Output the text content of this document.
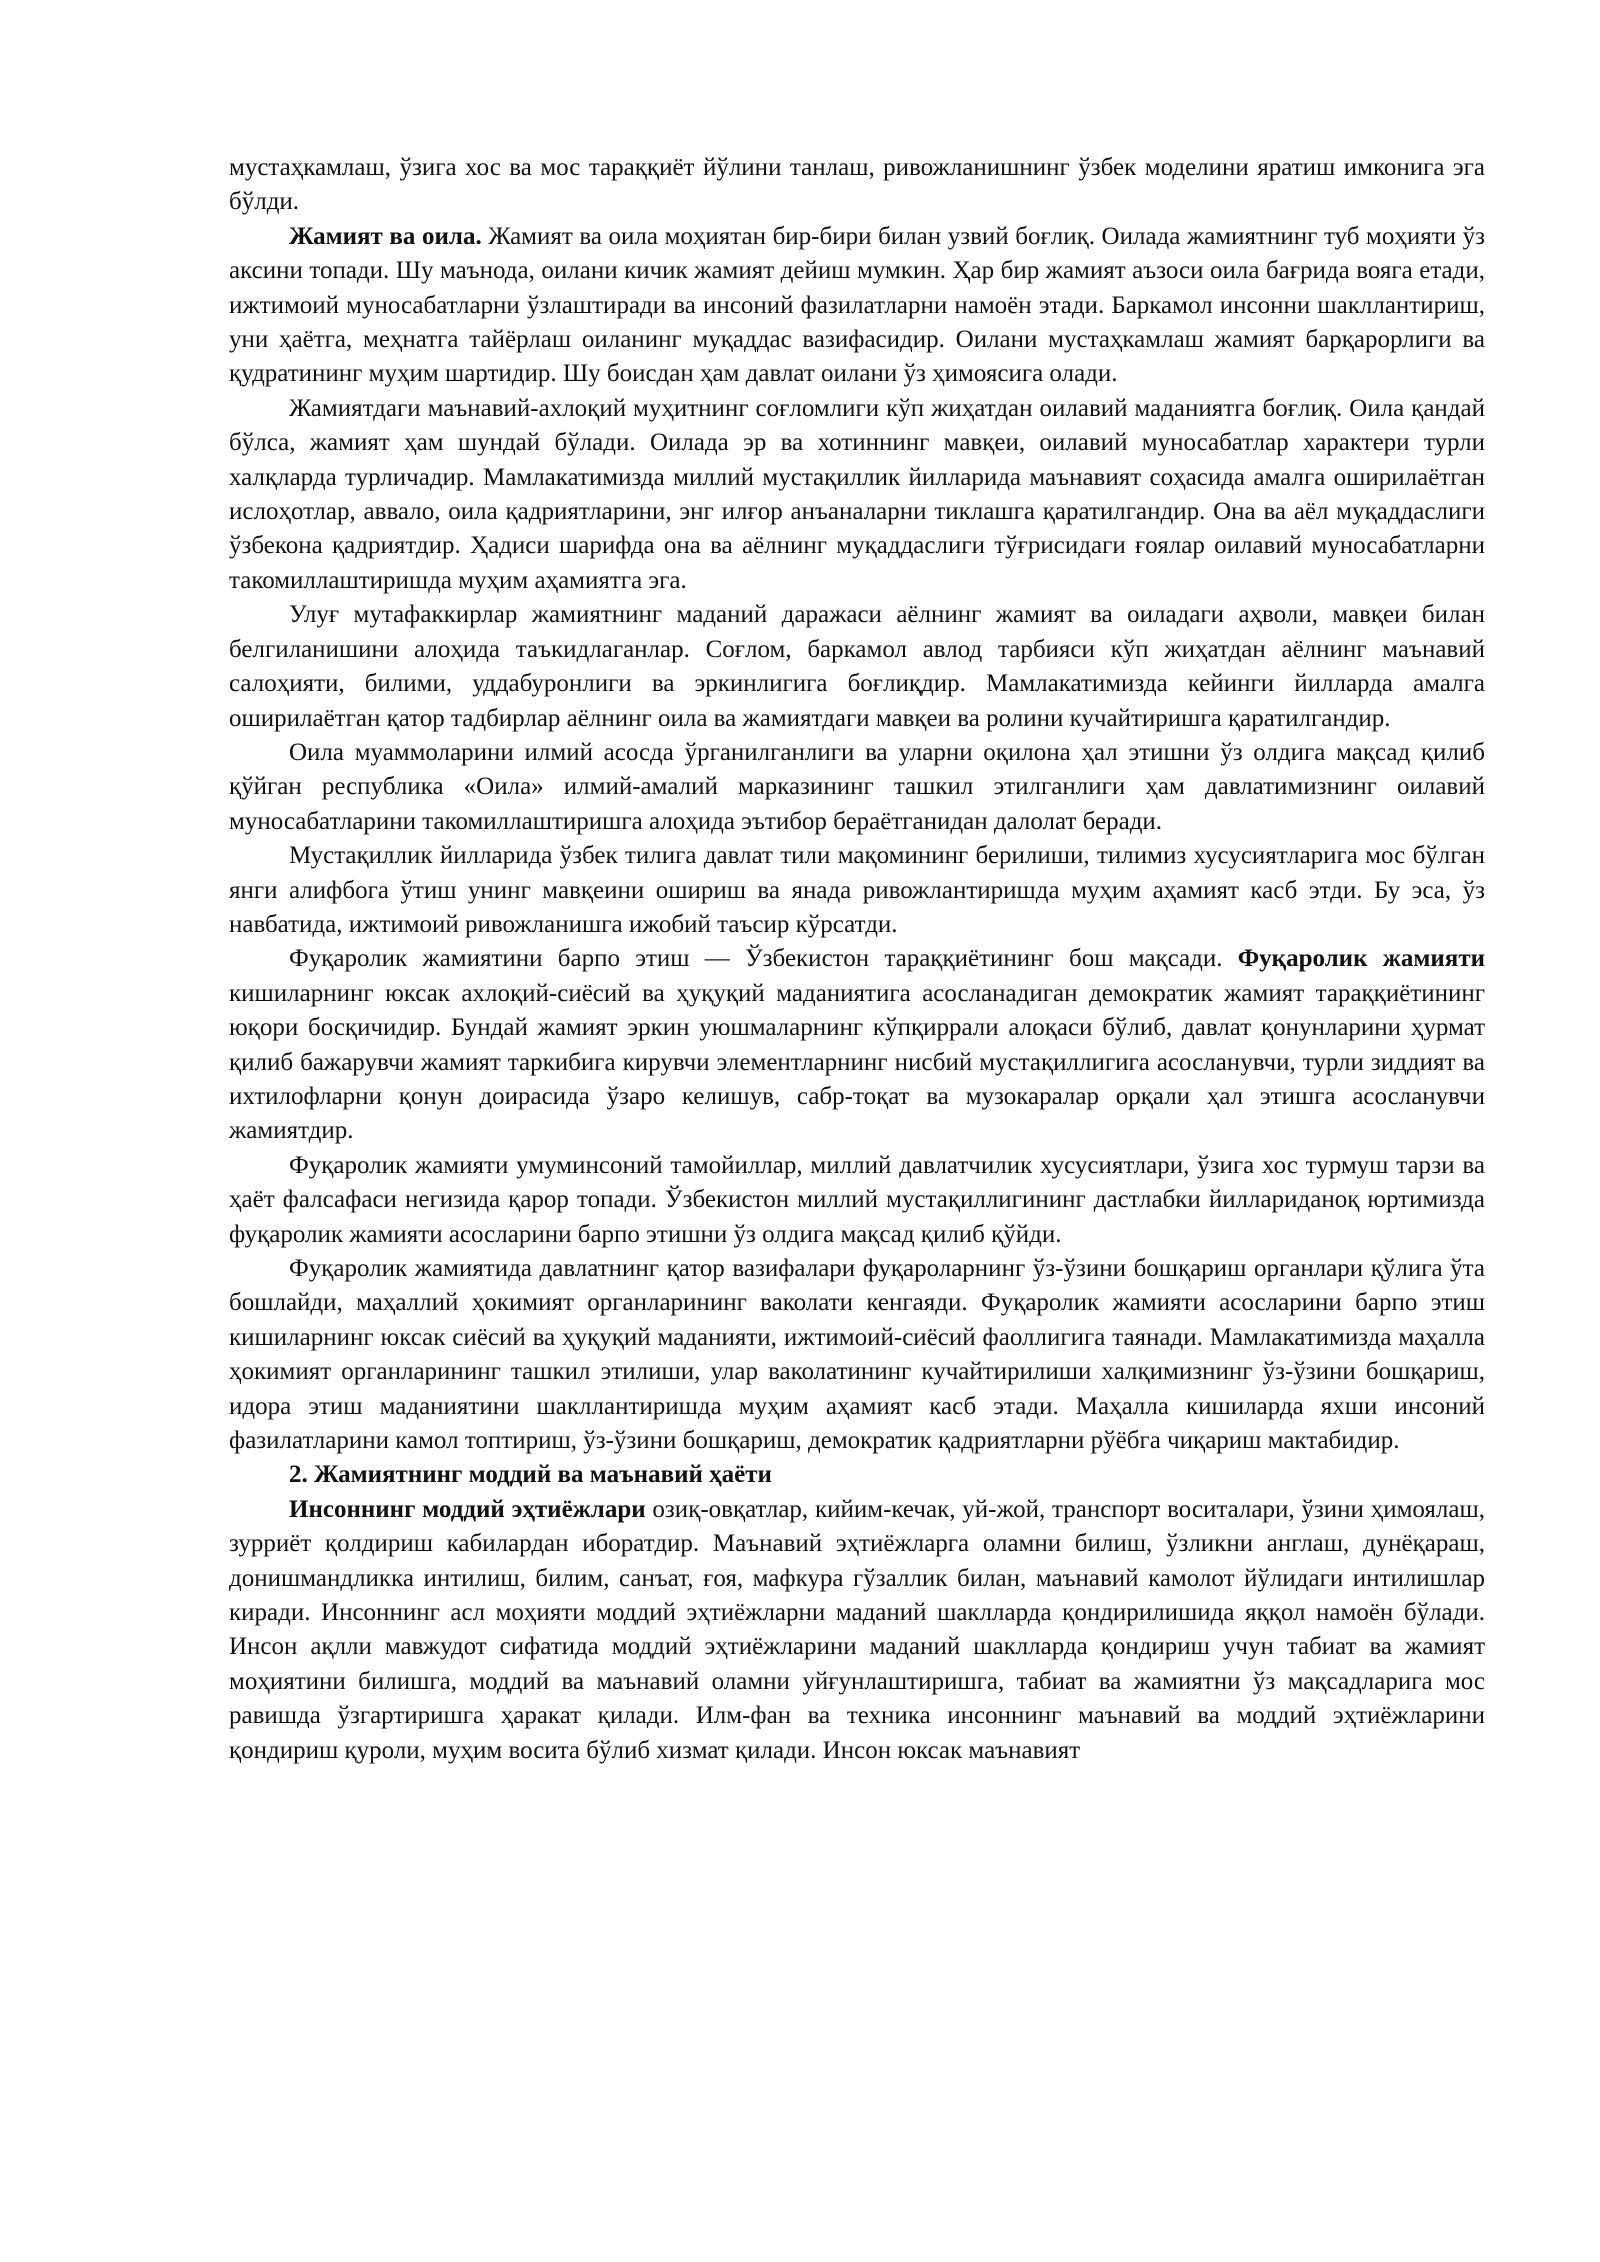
мустаҳкамлаш, ўзига хос ва мос тараққиёт йўлини танлаш, ривожланишнинг ўзбек моделини яратиш имконига эга бўлди.

Жамият ва оила. Жамият ва оила моҳиятан бир-бири билан узвий боғлиқ. Оилада жамиятнинг туб моҳияти ўз аксини топади. Шу маънода, оилани кичик жамият дейиш мумкин. Ҳар бир жамият аъзоси оила бағрида вояга етади, ижтимоий муносабатларни ўзлаштиради ва инсоний фазилатларни намоён этади. Баркамол инсонни шакллантириш, уни ҳаётга, меҳнатга тайёрлаш оиланинг муқаддас вазифасидир. Оилани мустаҳкамлаш жамият барқарорлиги ва қудратининг муҳим шартидир. Шу боисдан ҳам давлат оилани ўз ҳимоясига олади.

Жамиятдаги маънавий-ахлоқий муҳитнинг соғломлиги кўп жиҳатдан оилавий маданиятга боғлиқ. Оила қандай бўлса, жамият ҳам шундай бўлади. Оилада эр ва хотиннинг мавқеи, оилавий муносабатлар характери турли халқларда турличадир. Мамлакатимизда миллий мустақиллик йилларида маънавият соҳасида амалга оширилаётган ислоҳотлар, аввало, оила қадриятларини, энг илғор анъаналарни тиклашга қаратилгандир. Она ва аёл муқаддаслиги ўзбекона қадриятдир. Ҳадиси шарифда она ва аёлнинг муқаддаслиги тўғрисидаги ғоялар оилавий муносабатларни такомиллаштиришда муҳим аҳамиятга эга.

Улуғ мутафаккирлар жамиятнинг маданий даражаси аёлнинг жамият ва оиладаги аҳволи, мавқеи билан белгиланишини алоҳида таъкидлаганлар. Соғлом, баркамол авлод тарбияси кўп жиҳатдан аёлнинг маънавий салоҳияти, билими, уддабуронлиги ва эркинлигига боғлиқдир. Мамлакатимизда кейинги йилларда амалга оширилаётган қатор тадбирлар аёлнинг оила ва жамиятдаги мавқеи ва ролини кучайтиришга қаратилгандир.

Оила муаммоларини илмий асосда ўрганилганлиги ва уларни оқилона ҳал этишни ўз олдига мақсад қилиб қўйган республика «Оила» илмий-амалий марказининг ташкил этилганлиги ҳам давлатимизнинг оилавий муносабатларини такомиллаштиришга алоҳида эътибор бераётганидан далолат беради.

Мустақиллик йилларида ўзбек тилига давлат тили мақомининг берилиши, тилимиз хусусиятларига мос бўлган янги алифбога ўтиш унинг мавқеини ошириш ва янада ривожлантиришда муҳим аҳамият касб этди. Бу эса, ўз навбатида, ижтимоий ривожланишга ижобий таъсир кўрсатди.

Фуқаролик жамиятини барпо этиш — Ўзбекистон тараққиётининг бош мақсади. Фуқаролик жамияти кишиларнинг юксак ахлоқий-сиёсий ва ҳуқуқий маданиятига асосланадиган демократик жамият тараққиётининг юқори босқичидир. Бундай жамият эркин уюшмаларнинг кўпқиррали алоқаси бўлиб, давлат қонунларини ҳурмат қилиб бажарувчи жамият таркибига кирувчи элементларнинг нисбий мустақиллигига асосланувчи, турли зиддият ва ихтилофларни қонун доирасида ўзаро келишув, сабр-тоқат ва музокаралар орқали ҳал этишга асосланувчи жамиятдир.

Фуқаролик жамияти умуминсоний тамойиллар, миллий давлатчилик хусусиятлари, ўзига хос турмуш тарзи ва ҳаёт фалсафаси негизида қарор топади. Ўзбекистон миллий мустақиллигининг дастлабки йиллариданоқ юртимизда фуқаролик жамияти асосларини барпо этишни ўз олдига мақсад қилиб қўйди.

Фуқаролик жамиятида давлатнинг қатор вазифалари фуқароларнинг ўз-ўзини бошқариш органлари қўлига ўта бошлайди, маҳаллий ҳокимият органларининг ваколати кенгаяди. Фуқаролик жамияти асосларини барпо этиш кишиларнинг юксак сиёсий ва ҳуқуқий маданияти, ижтимоий-сиёсий фаоллигига таянади. Мамлакатимизда маҳалла ҳокимият органларининг ташкил этилиши, улар ваколатининг кучайтирилиши халқимизнинг ўз-ўзини бошқариш, идора этиш маданиятини шакллантиришда муҳим аҳамият касб этади. Маҳалла кишиларда яхши инсоний фазилатларини камол топтириш, ўз-ўзини бошқариш, демократик қадриятларни рўёбга чиқариш мактабидир.

2. Жамиятнинг моддий ва маънавий ҳаёти

Инсоннинг моддий эҳтиёжлари озиқ-овқатлар, кийим-кечак, уй-жой, транспорт воситалари, ўзини ҳимоялаш, зурриёт қолдириш кабилардан иборатдир. Маънавий эҳтиёжларга оламни билиш, ўзликни англаш, дунёқараш, донишмандликка интилиш, билим, санъат, ғоя, мафкура гўзаллик билан, маънавий камолот йўлидаги интилишлар киради. Инсоннинг асл моҳияти моддий эҳтиёжларни маданий шаклларда қондирилишида яққол намоён бўлади. Инсон ақлли мавжудот сифатида моддий эҳтиёжларини маданий шаклларда қондириш учун табиат ва жамият моҳиятини билишга, моддий ва маънавий оламни уйғунлаштиришга, табиат ва жамиятни ўз мақсадларига мос равишда ўзгартиришга ҳаракат қилади. Илм-фан ва техника инсоннинг маънавий ва моддий эҳтиёжларини қондириш қуроли, муҳим восита бўлиб хизмат қилади. Инсон юксак маънавият
